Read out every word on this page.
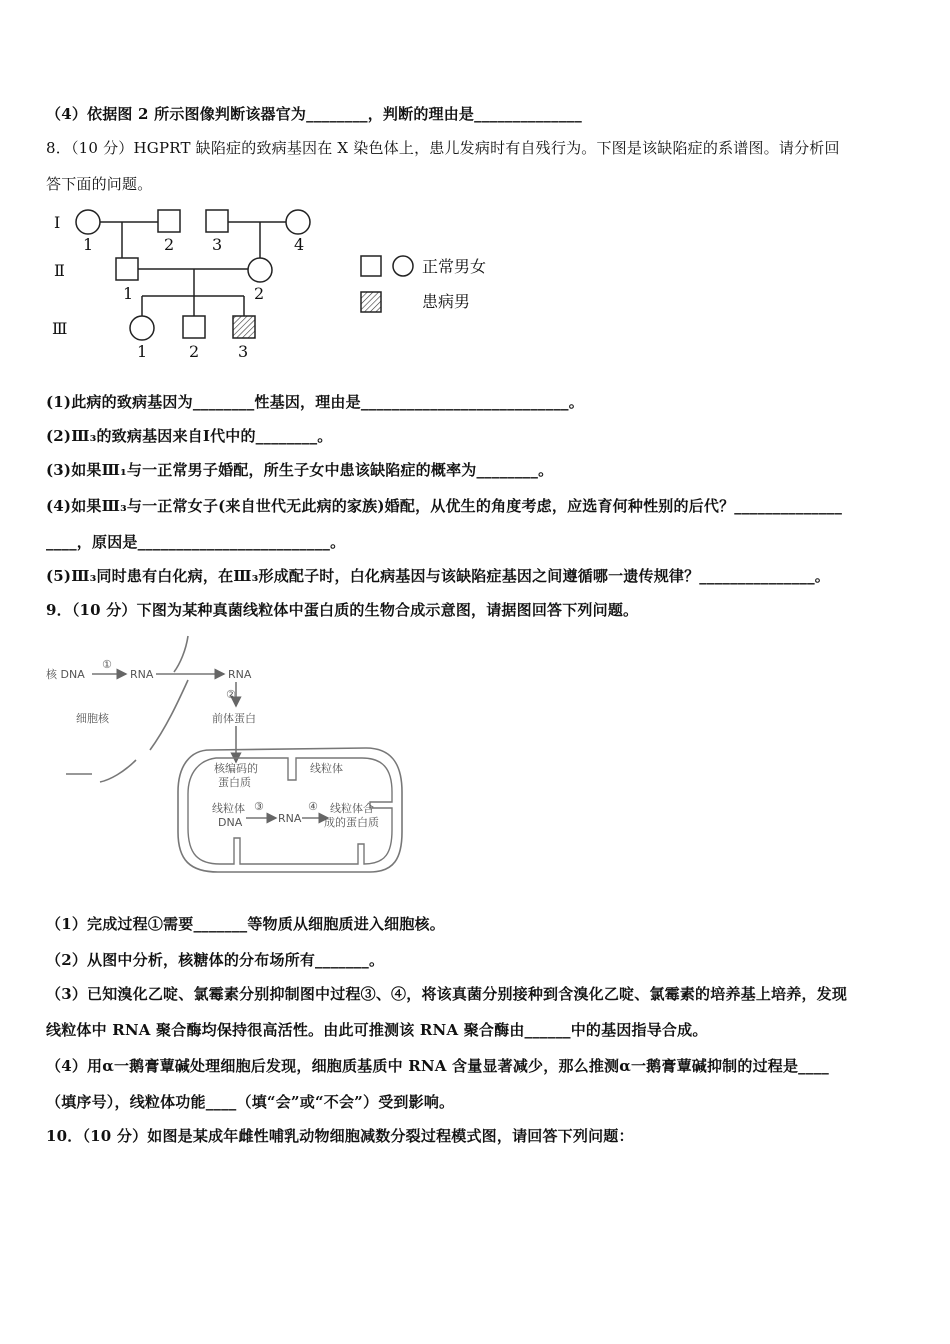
（4）依据图 2 所示图像判断该器官为________，判断的理由是______________
8．（10 分）HGPRT 缺陷症的致病基因在 X 染色体上，患儿发病时有自残行为。下图是该缺陷症的系谱图。请分析回
答下面的问题。
Ⅰ
Ⅱ
Ⅲ
1	2 3	4
1	2
1	2 3
正常男女
患病男
(1)此病的致病基因为________性基因，理由是___________________________。
(2)Ⅲ₃的致病基因来自Ⅰ代中的________。
(3)如果Ⅲ₁与一正常男子婚配，所生子女中患该缺陷症的概率为________。
(4)如果Ⅲ₃与一正常女子(来自世代无此病的家族)婚配，从优生的角度考虑，应选育何种性别的后代？______________
____，原因是_________________________。
(5)Ⅲ₃同时患有白化病，在Ⅲ₃形成配子时，白化病基因与该缺陷症基因之间遵循哪一遗传规律？_______________。
9．（10 分）下图为某种真菌线粒体中蛋白质的生物合成示意图，请据图回答下列问题。
核 DNA
①
RNA	RNA
②
细胞核	前体蛋白
核编码的
蛋白质
线粒体
线粒体
DNA
③
RNA
④ 线粒体合
成的蛋白质
（1）完成过程①需要_______等物质从细胞质进入细胞核。
（2）从图中分析，核糖体的分布场所有_______。
（3）已知溴化乙啶、氯霉素分别抑制图中过程③、④，将该真菌分别接种到含溴化乙啶、氯霉素的培养基上培养，发现
线粒体中 RNA 聚合酶均保持很高活性。由此可推测该 RNA 聚合酶由______中的基因指导合成。
（4）用α一鹅膏蕈碱处理细胞后发现，细胞质基质中 RNA 含量显著减少，那么推测α一鹅膏蕈碱抑制的过程是____
（填序号），线粒体功能____（填“会”或“不会”）受到影响。
10．（10 分）如图是某成年雌性哺乳动物细胞减数分裂过程模式图，请回答下列问题：
